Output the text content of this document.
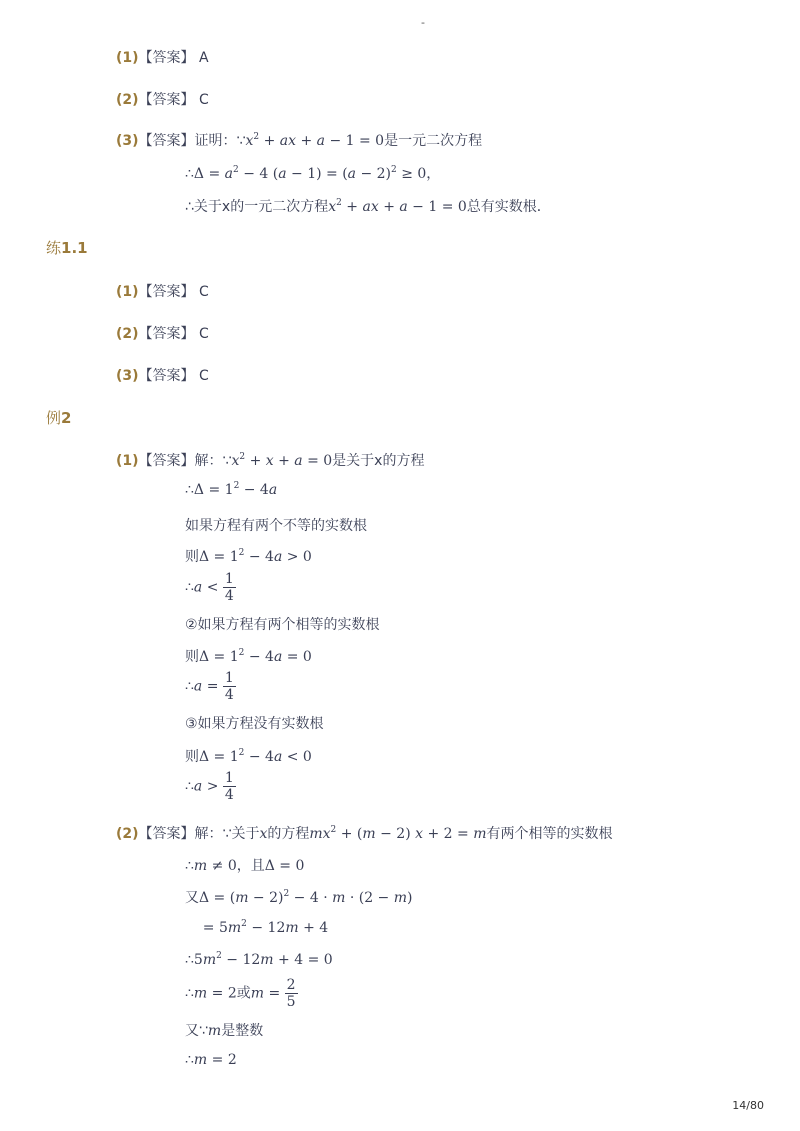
-
(1)【答案】 A
(2)【答案】 C
(3)【答案】证明：$\because x^2$ + ax + a − 1 = 0是一元二次方程
∴Δ = $a^2 - 4$ $(a - 1) = (a - 2)^2 \ge 0$，
∴关于x的一元二次方程$x^2$ + ax + a − 1 = 0总有实数根．
练1.1
(1)【答案】 C
(2)【答案】 C
(3)【答案】 C
例2
(1)【答案】解：$\because x^2 + x + a = 0$是关于x的方程
∴Δ = $1^2 - 4a$
如果方程有两个不等的实数根
则$\Delta = 1^2 - 4a > 0$
∴a < $\frac{1}{4}$
②如果方程有两个相等的实数根
则$\Delta = 1^2 - 4a = 0$
∴a = $\frac{1}{4}$
③如果方程没有实数根
则$\Delta = 1^2 - 4a < 0$
∴a > $\frac{1}{4}$
(2)【答案】解：∵关于x的方程$mx^2 + (m - 2) x + 2 = m$有两个相等的实数根
∴m ≠ 0，且Δ = 0
又$\Delta = (m - 2)^2 - 4 \cdot m \cdot (2 - m)$
= $5m^2 - 12m + 4$
$\therefore 5m^2 - 12m + 4 = 0$
∴m = 2或$m = \frac{2}{5}$
又∵m是整数
∴m = 2
14/80
